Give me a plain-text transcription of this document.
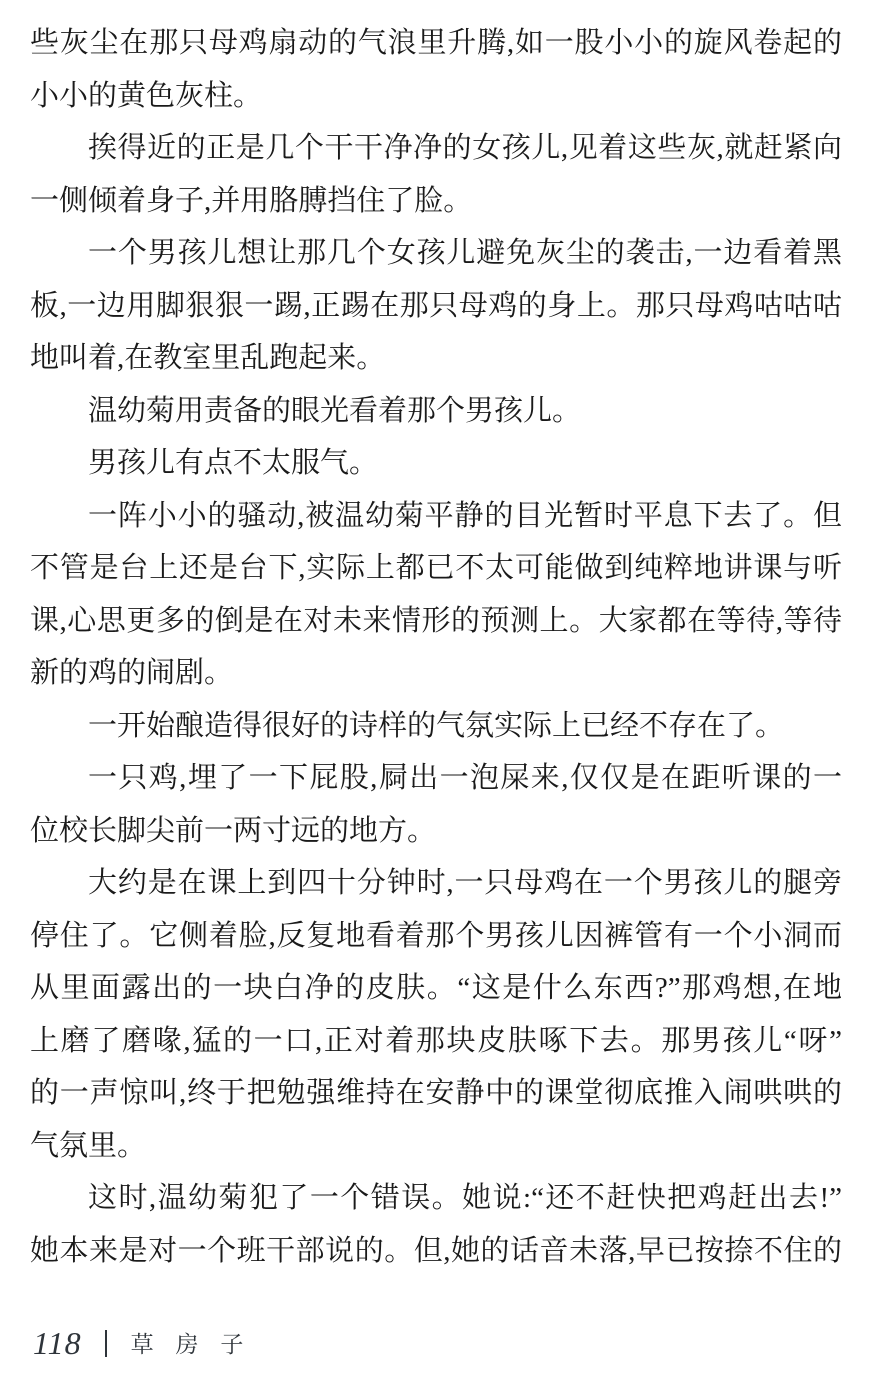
些灰尘在那只母鸡扇动的气浪里升腾,如一股小小的旋风卷起的
小小的黄色灰柱。
挨得近的正是几个干干净净的女孩儿,见着这些灰,就赶紧向
一侧倾着身子,并用胳膊挡住了脸。
一个男孩儿想让那几个女孩儿避免灰尘的袭击,一边看着黑
板,一边用脚狠狠一踢,正踢在那只母鸡的身上。那只母鸡咕咕咕
地叫着,在教室里乱跑起来。
温幼菊用责备的眼光看着那个男孩儿。
男孩儿有点不太服气。
一阵小小的骚动,被温幼菊平静的目光暂时平息下去了。但
不管是台上还是台下,实际上都已不太可能做到纯粹地讲课与听
课,心思更多的倒是在对未来情形的预测上。大家都在等待,等待
新的鸡的闹剧。
一开始酿造得很好的诗样的气氛实际上已经不存在了。
一只鸡,埋了一下屁股,屙出一泡屎来,仅仅是在距听课的一
位校长脚尖前一两寸远的地方。
大约是在课上到四十分钟时,一只母鸡在一个男孩儿的腿旁
停住了。它侧着脸,反复地看着那个男孩儿因裤管有一个小洞而
从里面露出的一块白净的皮肤。“这是什么东西?”那鸡想,在地
上磨了磨喙,猛的一口,正对着那块皮肤啄下去。那男孩儿“呀”
的一声惊叫,终于把勉强维持在安静中的课堂彻底推入闹哄哄的
气氛里。
这时,温幼菊犯了一个错误。她说:“还不赶快把鸡赶出去!”
她本来是对一个班干部说的。但,她的话音未落,早已按捺不住的
118 草房子
